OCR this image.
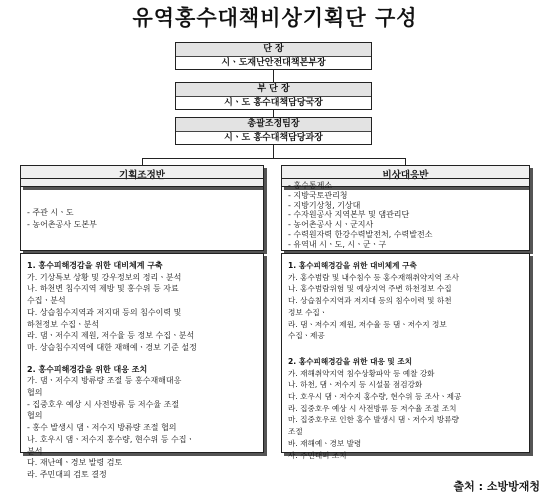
유역홍수대책비상기획단 구성
단 장
시ㆍ도재난안전대책본부장
부 단 장
시ㆍ도 홍수대책담당국장
총괄조정팀장
시ㆍ도 홍수대책담당과장
기획조정반
- 주관 시ㆍ도
- 농어촌공사 도본부
1. 홍수피해경감을 위한 대비체계 구축
가. 기상특보 상황 및 강우정보의 정리ㆍ분석
나. 하천변 침수지역 제방 및 홍수위 등 자료
수집ㆍ분석
다. 상습침수지역과 저지대 등의 침수이력 및
하천정보 수집ㆍ분석
라. 댐ㆍ저수지 제원, 저수율 등 정보 수집ㆍ분석
마. 상습침수지역에 대한 재해예ㆍ경보 기준 설정
2. 홍수피해경감을 위한 대응 조치
가. 댐ㆍ저수지 방류량 조절 등 홍수재해대응
협의
- 집중호우 예상 시 사전방류 등 저수율 조절
협의
- 홍수 발생시 댐ㆍ저수지 방류량 조절 협의
나. 호우시 댐ㆍ저수지 홍수량, 현수위 등 수집ㆍ
분석
다. 재난예ㆍ경보 발령 검토
라. 주민대피 검토 결정
비상대응반
- 홍수통제소
- 지방국토관리청
- 지방기상청, 기상대
- 수자원공사 지역본부 및 댐관리단
- 농어촌공사 시ㆍ군지사
- 수력원자력 한강수력발전처, 수력발전소
- 유역내 시ㆍ도, 시ㆍ군ㆍ구
1. 홍수피해경감을 위한 대비체계 구축
가. 홍수범람 및 내수침수 등 홍수재해취약지역 조사
나. 홍수범람위험 및 예상지역 주변 하천정보 수집
다. 상습침수지역과 저지대 등의 침수이력 및 하천
정보 수집ㆍ
라. 댐ㆍ저수지 제원, 저수율 등 댐ㆍ저수지 정보
수집ㆍ제공
2. 홍수피해경감을 위한 대응 및 조치
가. 재해취약지역 침수상황파악 등 예찰 강화
나. 하천, 댐ㆍ저수지 등 시설물 점검강화
다. 호우시 댐ㆍ저수지 홍수량, 현수위 등 조사ㆍ제공
라. 집중호우 예상 시 사전방류 등 저수율 조절 조치
마. 집중호우로 인한 홍수 발생시 댐ㆍ저수지 방류량
조절
바. 재해예ㆍ경보 발령
사. 주민대피 조치
출처 : 소방방재청
